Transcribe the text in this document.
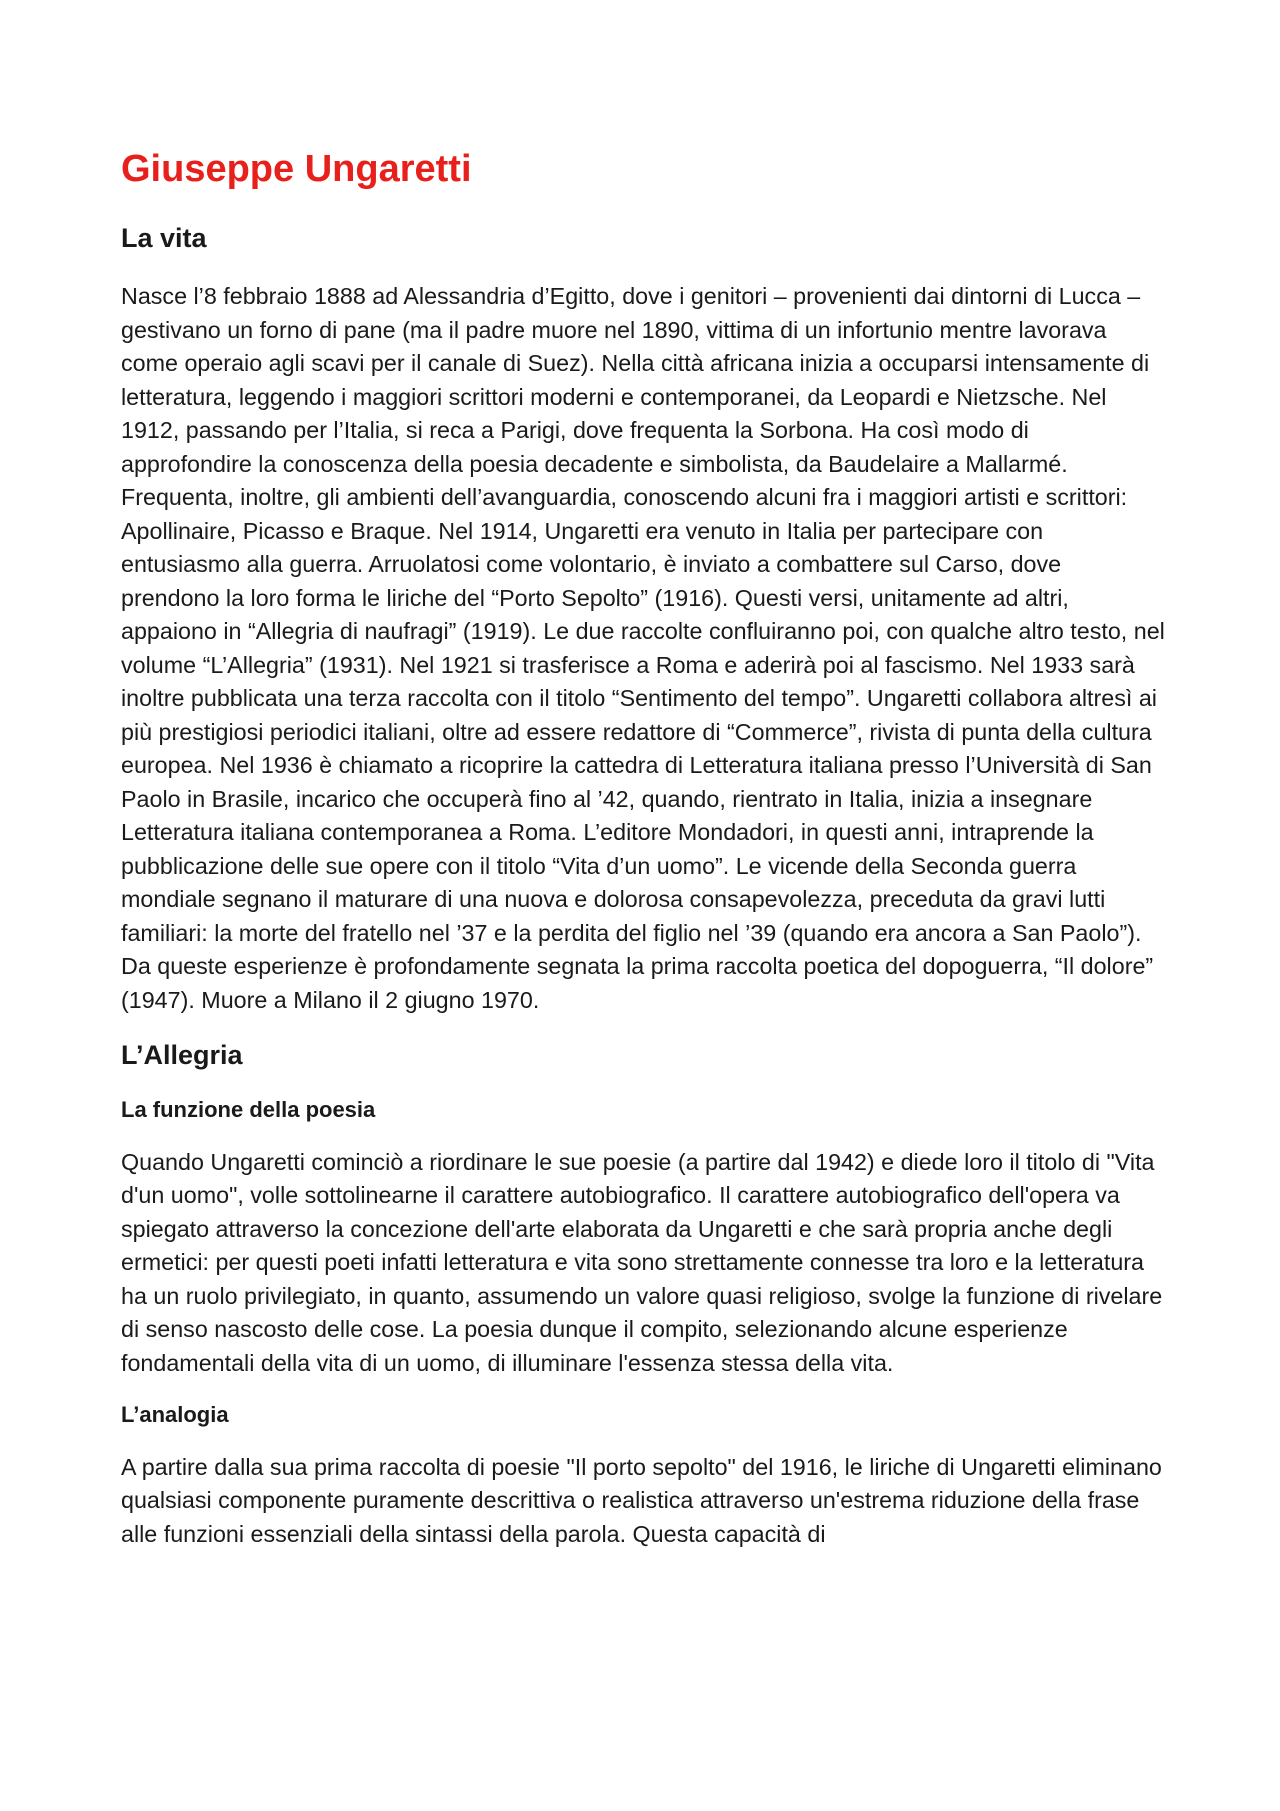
Giuseppe Ungaretti
La vita

Nasce l’8 febbraio 1888 ad Alessandria d’Egitto, dove i genitori – provenienti dai dintorni di Lucca – gestivano un forno di pane (ma il padre muore nel 1890, vittima di un infortunio mentre lavorava come operaio agli scavi per il canale di Suez). Nella città africana inizia a occuparsi intensamente di letteratura, leggendo i maggiori scrittori moderni e contemporanei, da Leopardi e Nietzsche. Nel 1912, passando per l’Italia, si reca a Parigi, dove frequenta la Sorbona. Ha così modo di approfondire la conoscenza della poesia decadente e simbolista, da Baudelaire a Mallarmé. Frequenta, inoltre, gli ambienti dell’avanguardia, conoscendo alcuni fra i maggiori artisti e scrittori: Apollinaire, Picasso e Braque. Nel 1914, Ungaretti era venuto in Italia per partecipare con entusiasmo alla guerra. Arruolatosi come volontario, è inviato a combattere sul Carso, dove prendono la loro forma le liriche del “Porto Sepolto” (1916). Questi versi, unitamente ad altri, appaiono in “Allegria di naufragi” (1919). Le due raccolte confluiranno poi, con qualche altro testo, nel volume “L’Allegria” (1931). Nel 1921 si trasferisce a Roma e aderirà poi al fascismo. Nel 1933 sarà inoltre pubblicata una terza raccolta con il titolo “Sentimento del tempo”. Ungaretti collabora altresì ai più prestigiosi periodici italiani, oltre ad essere redattore di “Commerce”, rivista di punta della cultura europea. Nel 1936 è chiamato a ricoprire la cattedra di Letteratura italiana presso l’Università di San Paolo in Brasile, incarico che occuperà fino al ’42, quando, rientrato in Italia, inizia a insegnare Letteratura italiana contemporanea a Roma. L’editore Mondadori, in questi anni, intraprende la pubblicazione delle sue opere con il titolo “Vita d’un uomo”. Le vicende della Seconda guerra mondiale segnano il maturare di una nuova e dolorosa consapevolezza, preceduta da gravi lutti familiari: la morte del fratello nel ’37 e la perdita del figlio nel ’39 (quando era ancora a San Paolo”). Da queste esperienze è profondamente segnata la prima raccolta poetica del dopoguerra, “Il dolore” (1947). Muore a Milano il 2 giugno 1970.

L’Allegria
La funzione della poesia

Quando Ungaretti cominciò a riordinare le sue poesie (a partire dal 1942) e diede loro il titolo di "Vita d'un uomo", volle sottolinearne il carattere autobiografico. Il carattere autobiografico dell'opera va spiegato attraverso la concezione dell'arte elaborata da Ungaretti e che sarà propria anche degli ermetici: per questi poeti infatti letteratura e vita sono strettamente connesse tra loro e la letteratura ha un ruolo privilegiato, in quanto, assumendo un valore quasi religioso, svolge la funzione di rivelare di senso nascosto delle cose. La poesia dunque il compito, selezionando alcune esperienze fondamentali della vita di un uomo, di illuminare l'essenza stessa della vita.

L’analogia

A partire dalla sua prima raccolta di poesie "Il porto sepolto" del 1916, le liriche di Ungaretti eliminano qualsiasi componente puramente descrittiva o realistica attraverso un'estrema riduzione della frase alle funzioni essenziali della sintassi della parola. Questa capacità di
